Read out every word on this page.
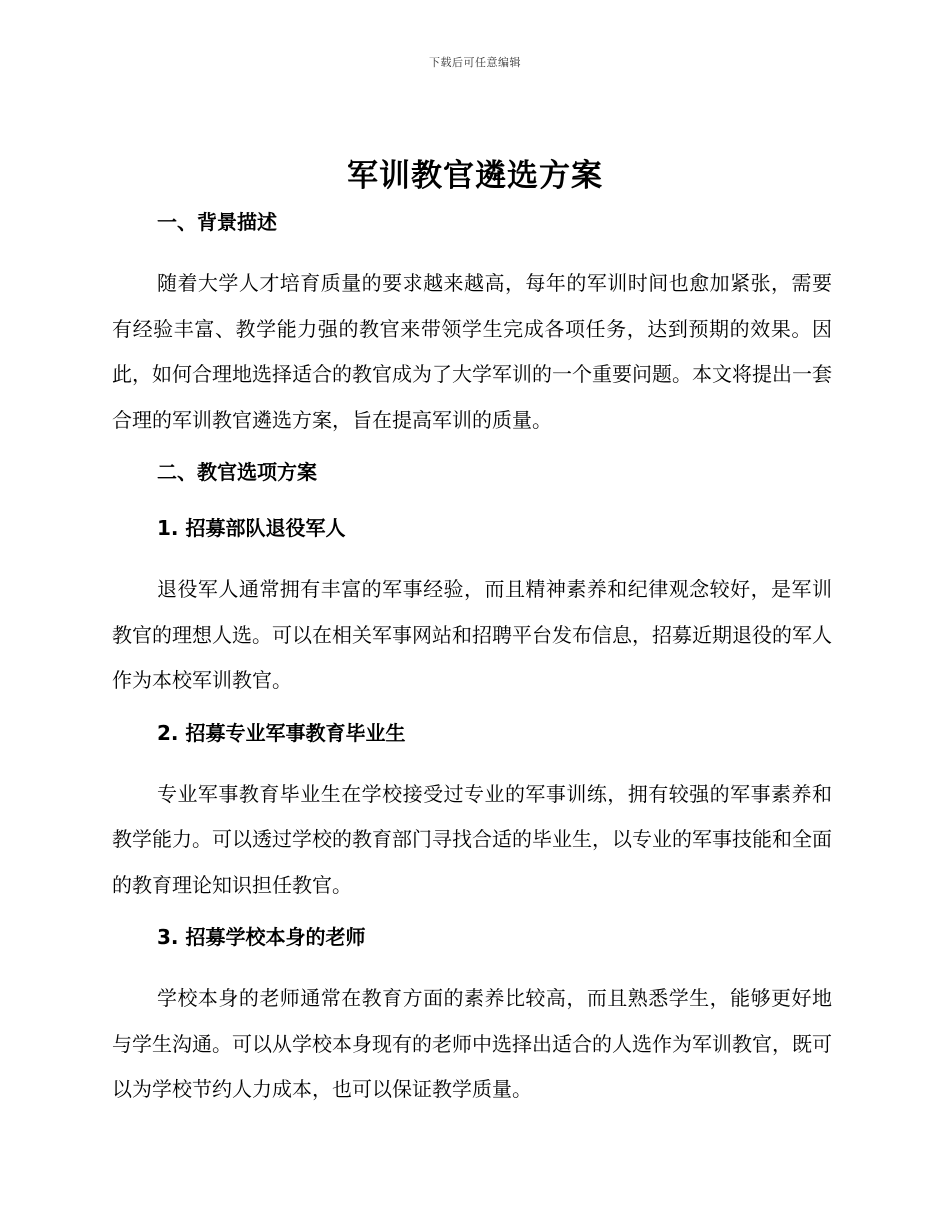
下载后可任意编辑
军训教官遴选方案
一、背景描述

随着大学人才培育质量的要求越来越高，每年的军训时间也愈加紧张，需要有经验丰富、教学能力强的教官来带领学生完成各项任务，达到预期的效果。因此，如何合理地选择适合的教官成为了大学军训的一个重要问题。本文将提出一套合理的军训教官遴选方案，旨在提高军训的质量。

二、教官选项方案
1. 招募部队退役军人

退役军人通常拥有丰富的军事经验，而且精神素养和纪律观念较好，是军训教官的理想人选。可以在相关军事网站和招聘平台发布信息，招募近期退役的军人作为本校军训教官。

2. 招募专业军事教育毕业生

专业军事教育毕业生在学校接受过专业的军事训练，拥有较强的军事素养和教学能力。可以透过学校的教育部门寻找合适的毕业生，以专业的军事技能和全面的教育理论知识担任教官。

3. 招募学校本身的老师

学校本身的老师通常在教育方面的素养比较高，而且熟悉学生，能够更好地与学生沟通。可以从学校本身现有的老师中选择出适合的人选作为军训教官，既可以为学校节约人力成本，也可以保证教学质量。
